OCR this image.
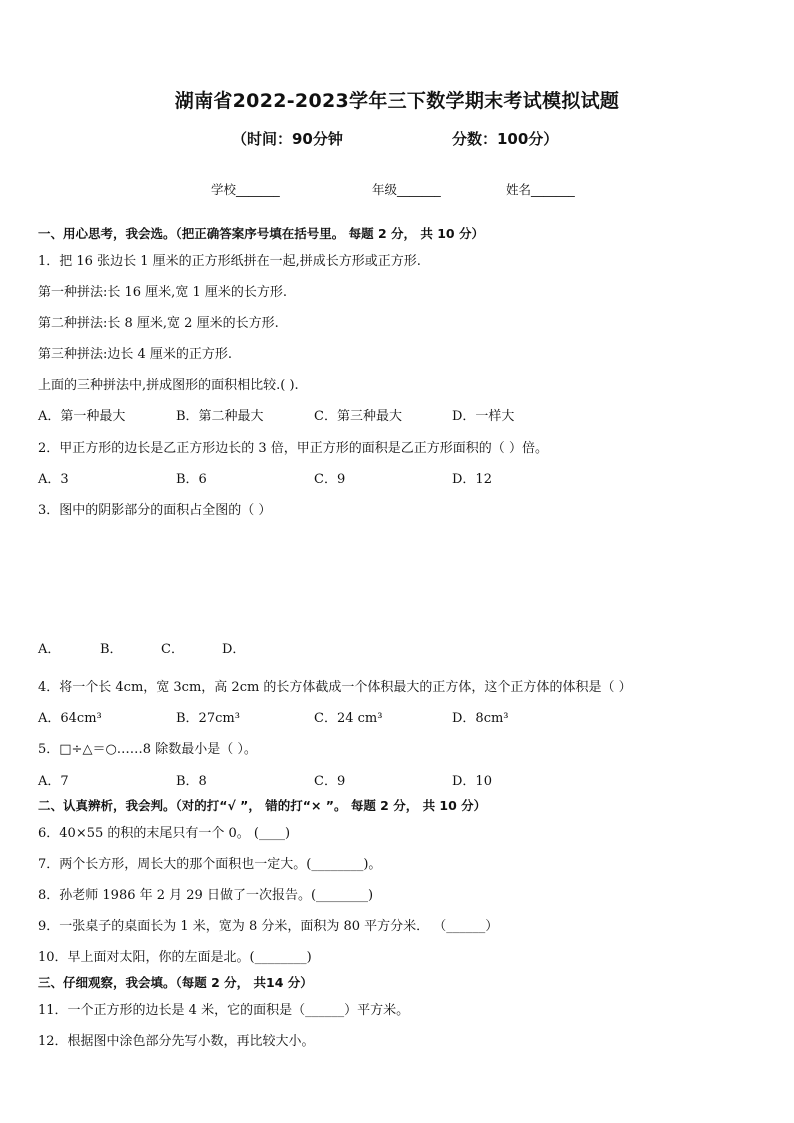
湖南省2022-2023学年三下数学期末考试模拟试题
（时间：90分钟	分数：100分）
学校_______	年级_______	姓名_______
一、用心思考，我会选。（把正确答案序号填在括号里。 每题 2 分， 共 10 分）
1．把 16 张边长 1 厘米的正方形纸拼在一起,拼成长方形或正方形.
第一种拼法:长 16 厘米,宽 1 厘米的长方形.
第二种拼法:长 8 厘米,宽 2 厘米的长方形.
第三种拼法:边长 4 厘米的正方形.
上面的三种拼法中,拼成图形的面积相比较.( ).
A．第一种最大	B．第二种最大	C．第三种最大	D．一样大
2．甲正方形的边长是乙正方形边长的 3 倍，甲正方形的面积是乙正方形面积的（ ）倍。
A．3	B．6	C．9	D．12
3．图中的阴影部分的面积占全图的（ ）
A．	B．	C．	D．
4．将一个长 4cm，宽 3cm，高 2cm 的长方体截成一个体积最大的正方体，这个正方体的体积是（ ）
A．64cm³	B．27cm³	C．24 cm³	D．8cm³
5．□÷△＝○……8 除数最小是（ ）。
A．7	B．8	C．9	D．10
二、认真辨析，我会判。（对的打“√ ”， 错的打“× ”。 每题 2 分， 共 10 分）
6．40×55 的积的末尾只有一个 0。 (____)
7．两个长方形，周长大的那个面积也一定大。(________)。
8．孙老师 1986 年 2 月 29 日做了一次报告。(________)
9．一张桌子的桌面长为 1 米，宽为 8 分米，面积为 80 平方分米． （______）
10．早上面对太阳，你的左面是北。(________)
三、仔细观察，我会填。（每题 2 分， 共14 分）
11．一个正方形的边长是 4 米，它的面积是（______）平方米。
12．根据图中涂色部分先写小数，再比较大小。
